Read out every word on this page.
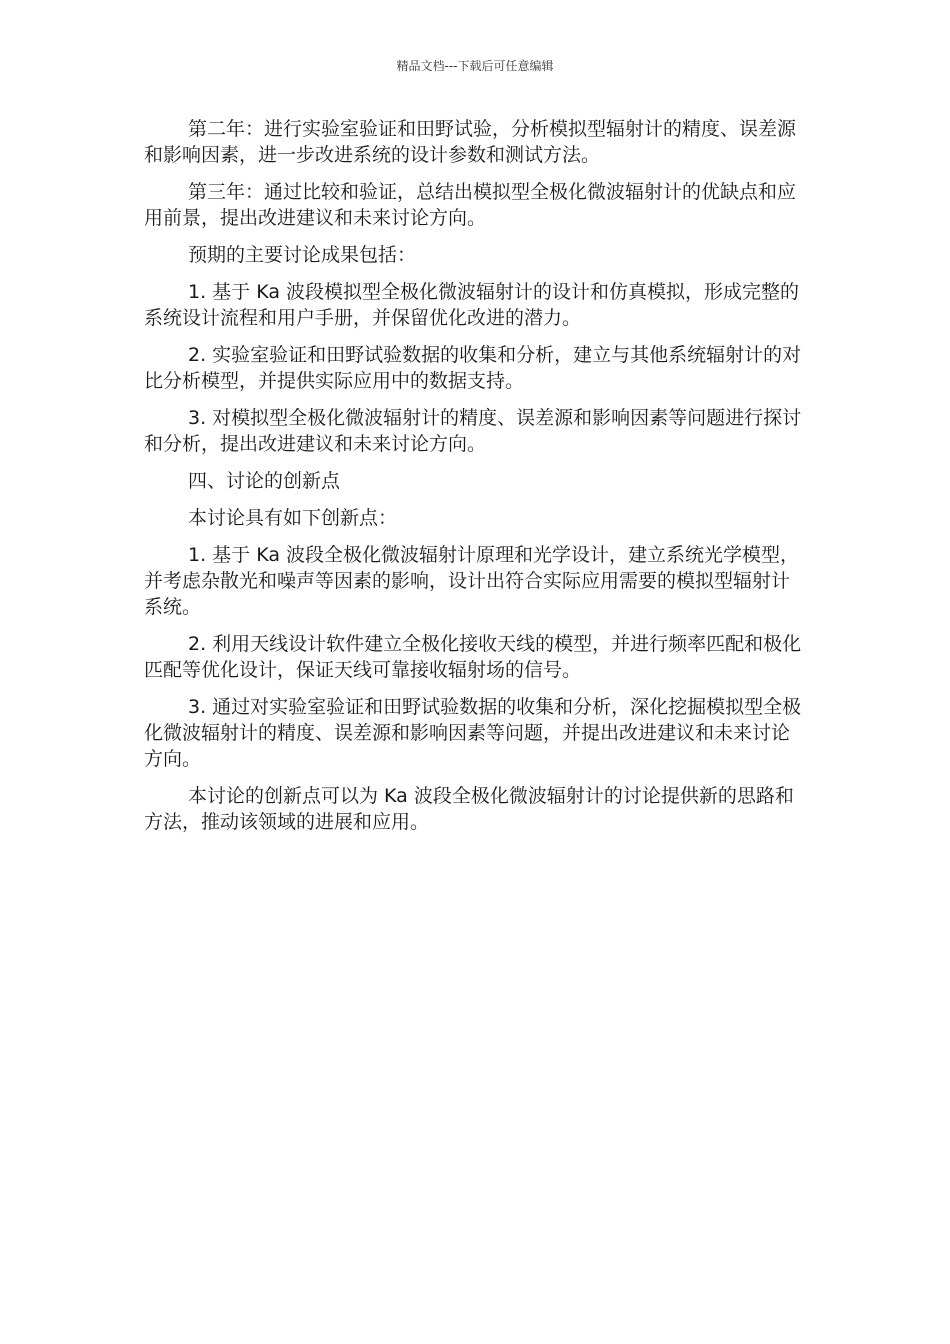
精品文档---下载后可任意编辑

第二年：进行实验室验证和田野试验，分析模拟型辐射计的精度、误差源和影响因素，进一步改进系统的设计参数和测试方法。

第三年：通过比较和验证，总结出模拟型全极化微波辐射计的优缺点和应用前景，提出改进建议和未来讨论方向。

预期的主要讨论成果包括：

1. 基于 Ka 波段模拟型全极化微波辐射计的设计和仿真模拟，形成完整的系统设计流程和用户手册，并保留优化改进的潜力。

2. 实验室验证和田野试验数据的收集和分析，建立与其他系统辐射计的对比分析模型，并提供实际应用中的数据支持。

3. 对模拟型全极化微波辐射计的精度、误差源和影响因素等问题进行探讨和分析，提出改进建议和未来讨论方向。

四、讨论的创新点

本讨论具有如下创新点：

1. 基于 Ka 波段全极化微波辐射计原理和光学设计，建立系统光学模型，并考虑杂散光和噪声等因素的影响，设计出符合实际应用需要的模拟型辐射计系统。

2. 利用天线设计软件建立全极化接收天线的模型，并进行频率匹配和极化匹配等优化设计，保证天线可靠接收辐射场的信号。

3. 通过对实验室验证和田野试验数据的收集和分析，深化挖掘模拟型全极化微波辐射计的精度、误差源和影响因素等问题，并提出改进建议和未来讨论方向。

本讨论的创新点可以为 Ka 波段全极化微波辐射计的讨论提供新的思路和方法，推动该领域的进展和应用。
